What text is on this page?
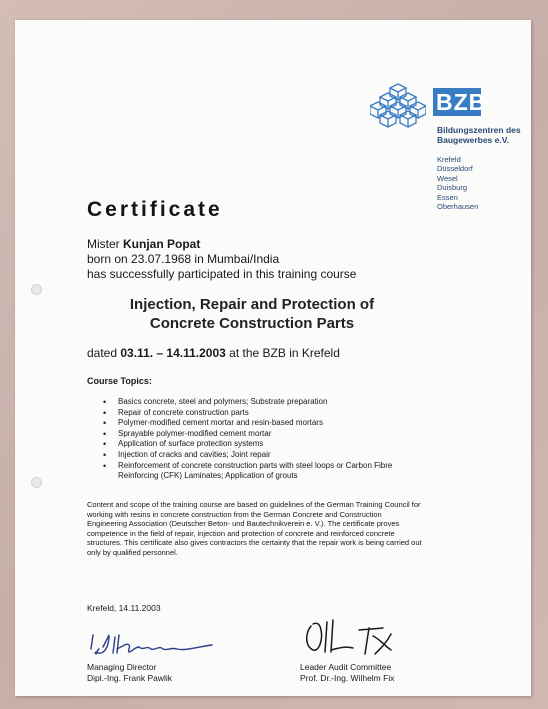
BZB
Bildungszentren des
Baugewerbes e.V.
Krefeld
Düsseldorf
Wesel
Duisburg
Essen
Oberhausen
Certificate
Mister Kunjan Popat
born on 23.07.1968 in Mumbai/India
has successfully participated in this training course
Injection, Repair and Protection of
Concrete Construction Parts
dated 03.11. – 14.11.2003 at the BZB in Krefeld
Course Topics:
• Basics concrete, steel and polymers; Substrate preparation
• Repair of concrete construction parts
• Polymer-modified cement mortar and resin-based mortars
• Sprayable polymer-modified cement mortar
• Application of surface protection systems
• Injection of cracks and cavities; Joint repair
• Reinforcement of concrete construction parts with steel loops or Carbon Fibre Reinforcing (CFK) Laminates; Application of grouts
Content and scope of the training course are based on guidelines of the German Training Council for working with resins in concrete construction from the German Concrete and Construction Engineering Association (Deutscher Beton- und Bautechnikverein e. V.). The certificate proves competence in the field of repair, injection and protection of concrete and reinforced concrete structures. This certificate also gives contractors the certainty that the repair work is being carried out only by qualified personnel.
Krefeld, 14.11.2003
Managing Director
Dipl.-Ing. Frank Pawlik
Leader Audit Committee
Prof. Dr.-Ing. Wilhelm Fix
